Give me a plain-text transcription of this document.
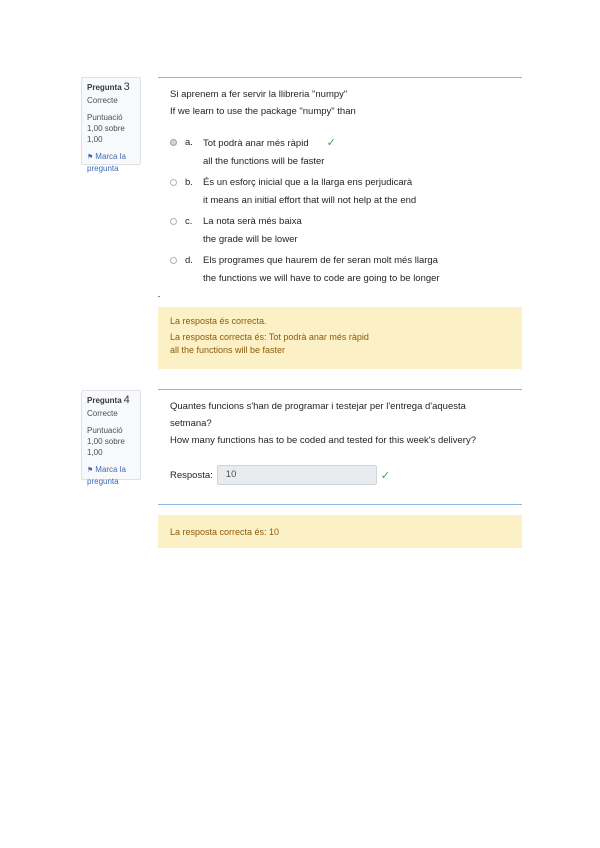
Pregunta 3
Correcte
Puntuació 1,00 sobre 1,00
⚑ Marca la pregunta
Si aprenem a fer servir la llibreria "numpy"
If we learn to use the package "numpy" than
a.	Tot podrà anar més ràpid ✓
all the functions will be faster
b.	És un esforç inicial que a la llarga ens perjudicarà
it means an initial effort that will not help at the end
c.	La nota serà més baixa
the grade will be lower
d.	Els programes que haurem de fer seran molt més llarga
the functions we will have to code are going to be longer
La resposta és correcta.
La resposta correcta és: Tot podrà anar més ràpid
all the functions will be faster
Pregunta 4
Correcte
Puntuació 1,00 sobre 1,00
⚑ Marca la pregunta
Quantes funcions s'han de programar i testejar per l'entrega d'aquesta setmana?
How many functions has to be coded and tested for this week's delivery?
Resposta:	10	✓
La resposta correcta és: 10
